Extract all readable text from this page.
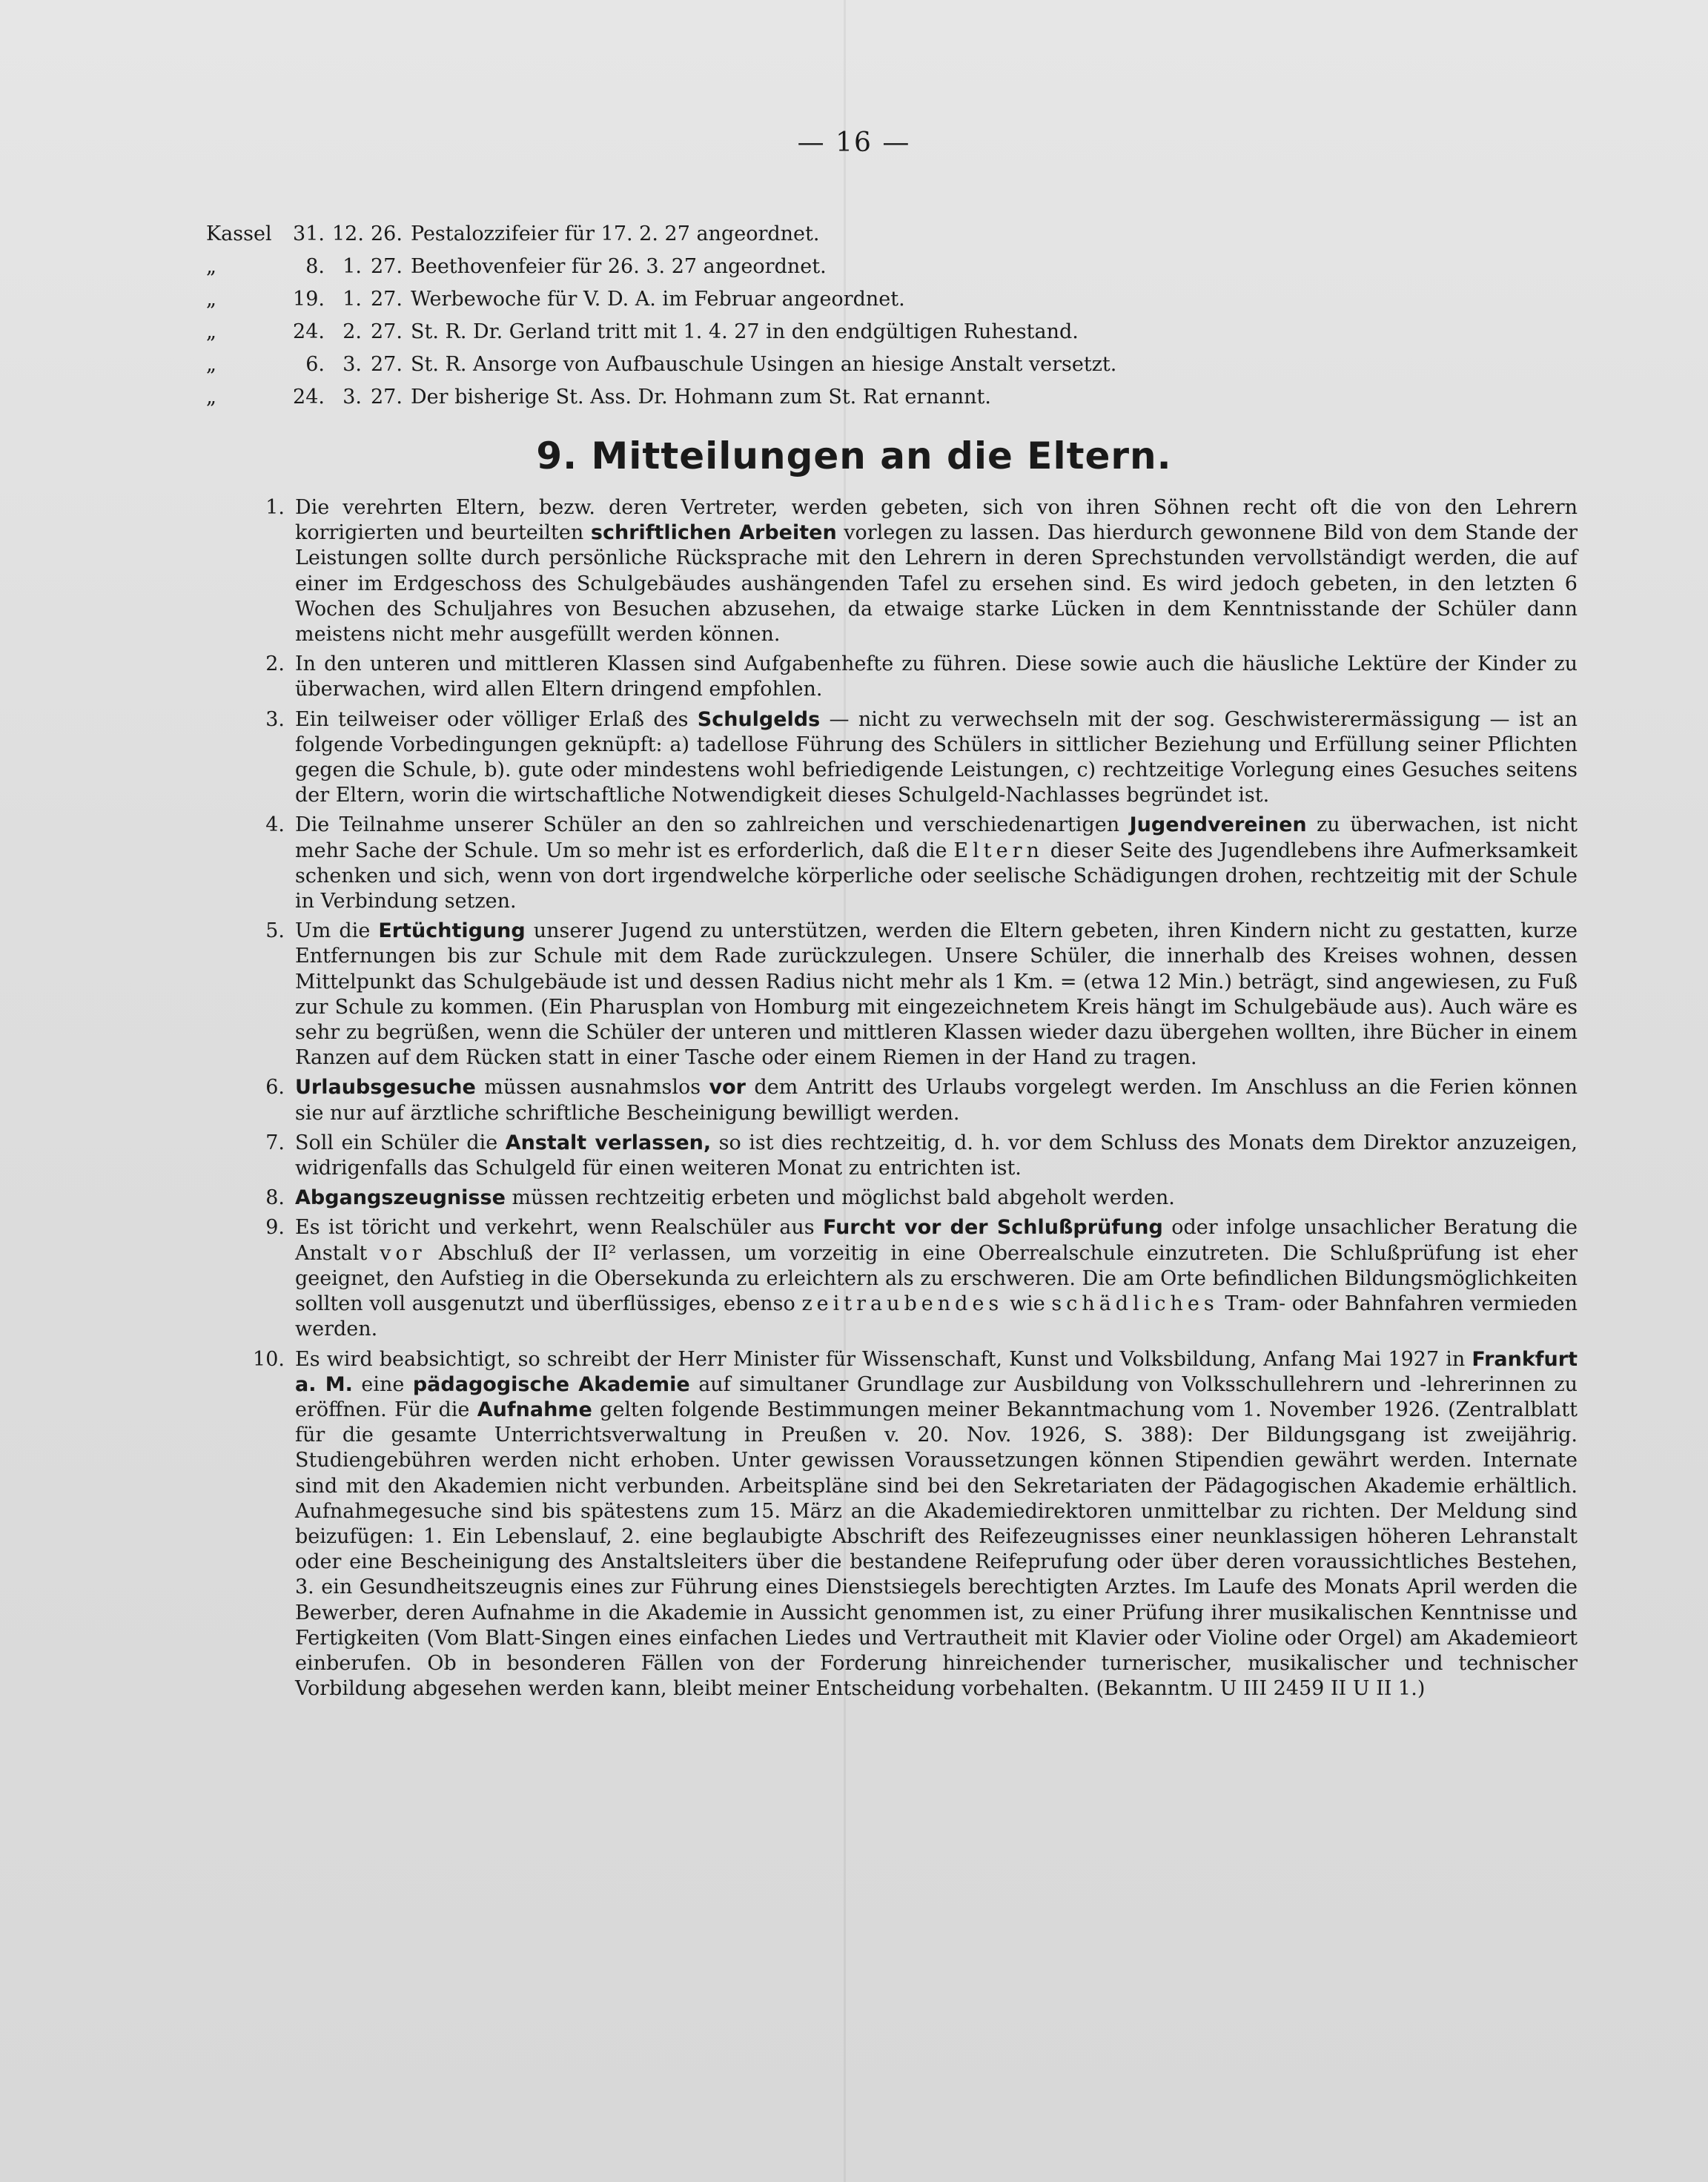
— 16 —
Kassel	31. 12. 26. Pestalozzifeier für 17. 2. 27 angeordnet.
„	8. 1. 27. Beethovenfeier für 26. 3. 27 angeordnet.
„	19. 1. 27. Werbewoche für V. D. A. im Februar angeordnet.
„	24. 2. 27. St. R. Dr. Gerland tritt mit 1. 4. 27 in den endgültigen Ruhestand.
„	6. 3. 27. St. R. Ansorge von Aufbauschule Usingen an hiesige Anstalt versetzt.
„	24. 3. 27. Der bisherige St. Ass. Dr. Hohmann zum St. Rat ernannt.
9. Mitteilungen an die Eltern.
1. Die verehrten Eltern, bezw. deren Vertreter, werden gebeten, sich von ihren Söhnen recht oft die von den Lehrern korrigierten und beurteilten schriftlichen Arbeiten vorlegen zu lassen. Das hierdurch gewonnene Bild von dem Stande der Leistungen sollte durch persönliche Rücksprache mit den Lehrern in deren Sprechstunden vervollständigt werden, die auf einer im Erdgeschoss des Schulgebäudes aushängenden Tafel zu ersehen sind. Es wird jedoch gebeten, in den letzten 6 Wochen des Schuljahres von Besuchen abzusehen, da etwaige starke Lücken in dem Kenntnisstande der Schüler dann meistens nicht mehr ausgefüllt werden können.
2. In den unteren und mittleren Klassen sind Aufgabenhefte zu führen. Diese sowie auch die häusliche Lektüre der Kinder zu überwachen, wird allen Eltern dringend empfohlen.
3. Ein teilweiser oder völliger Erlaß des Schulgelds — nicht zu verwechseln mit der sog. Geschwisterermässigung — ist an folgende Vorbedingungen geknüpft: a) tadellose Führung des Schülers in sittlicher Beziehung und Erfüllung seiner Pflichten gegen die Schule, b). gute oder mindestens wohl befriedigende Leistungen, c) rechtzeitige Vorlegung eines Gesuches seitens der Eltern, worin die wirtschaftliche Notwendigkeit dieses Schulgeld-Nachlasses begründet ist.
4. Die Teilnahme unserer Schüler an den so zahlreichen und verschiedenartigen Jugendvereinen zu überwachen, ist nicht mehr Sache der Schule. Um so mehr ist es erforderlich, daß die Eltern dieser Seite des Jugendlebens ihre Aufmerksamkeit schenken und sich, wenn von dort irgendwelche körperliche oder seelische Schädigungen drohen, rechtzeitig mit der Schule in Verbindung setzen.
5. Um die Ertüchtigung unserer Jugend zu unterstützen, werden die Eltern gebeten, ihren Kindern nicht zu gestatten, kurze Entfernungen bis zur Schule mit dem Rade zurückzulegen. Unsere Schüler, die innerhalb des Kreises wohnen, dessen Mittelpunkt das Schulgebäude ist und dessen Radius nicht mehr als 1 Km. = (etwa 12 Min.) beträgt, sind angewiesen, zu Fuß zur Schule zu kommen. (Ein Pharusplan von Homburg mit eingezeichnetem Kreis hängt im Schulgebäude aus). Auch wäre es sehr zu begrüßen, wenn die Schüler der unteren und mittleren Klassen wieder dazu übergehen wollten, ihre Bücher in einem Ranzen auf dem Rücken statt in einer Tasche oder einem Riemen in der Hand zu tragen.
6. Urlaubsgesuche müssen ausnahmslos vor dem Antritt des Urlaubs vorgelegt werden. Im Anschluss an die Ferien können sie nur auf ärztliche schriftliche Bescheinigung bewilligt werden.
7. Soll ein Schüler die Anstalt verlassen, so ist dies rechtzeitig, d. h. vor dem Schluss des Monats dem Direktor anzuzeigen, widrigenfalls das Schulgeld für einen weiteren Monat zu entrichten ist.
8. Abgangszeugnisse müssen rechtzeitig erbeten und möglichst bald abgeholt werden.
9. Es ist töricht und verkehrt, wenn Realschüler aus Furcht vor der Schlußprüfung oder infolge unsachlicher Beratung die Anstalt vor Abschluß der II² verlassen, um vorzeitig in eine Oberrealschule einzutreten. Die Schlußprüfung ist eher geeignet, den Aufstieg in die Obersekunda zu erleichtern als zu erschweren. Die am Orte befindlichen Bildungsmöglichkeiten sollten voll ausgenutzt und überflüssiges, ebenso zeitraubendes wie schädliches Tram- oder Bahnfahren vermieden werden.
10. Es wird beabsichtigt, so schreibt der Herr Minister für Wissenschaft, Kunst und Volksbildung, Anfang Mai 1927 in Frankfurt a. M. eine pädagogische Akademie auf simultaner Grundlage zur Ausbildung von Volksschullehrern und -lehrerinnen zu eröffnen. Für die Aufnahme gelten folgende Bestimmungen meiner Bekanntmachung vom 1. November 1926. (Zentralblatt für die gesamte Unterrichtsverwaltung in Preußen v. 20. Nov. 1926, S. 388): Der Bildungsgang ist zweijährig. Studiengebühren werden nicht erhoben. Unter gewissen Voraussetzungen können Stipendien gewährt werden. Internate sind mit den Akademien nicht verbunden. Arbeitspläne sind bei den Sekretariaten der Pädagogischen Akademie erhältlich. Aufnahmegesuche sind bis spätestens zum 15. März an die Akademiedirektoren unmittelbar zu richten. Der Meldung sind beizufügen: 1. Ein Lebenslauf, 2. eine beglaubigte Abschrift des Reifezeugnisses einer neunklassigen höheren Lehranstalt oder eine Bescheinigung des Anstaltsleiters über die bestandene Reifeprufung oder über deren voraussichtliches Bestehen, 3. ein Gesundheitszeugnis eines zur Führung eines Dienstsiegels berechtigten Arztes. Im Laufe des Monats April werden die Bewerber, deren Aufnahme in die Akademie in Aussicht genommen ist, zu einer Prüfung ihrer musikalischen Kenntnisse und Fertigkeiten (Vom Blatt-Singen eines einfachen Liedes und Vertrautheit mit Klavier oder Violine oder Orgel) am Akademieort einberufen. Ob in besonderen Fällen von der Forderung hinreichender turnerischer, musikalischer und technischer Vorbildung abgesehen werden kann, bleibt meiner Entscheidung vorbehalten. (Bekanntm. U III 2459 II U II 1.)
